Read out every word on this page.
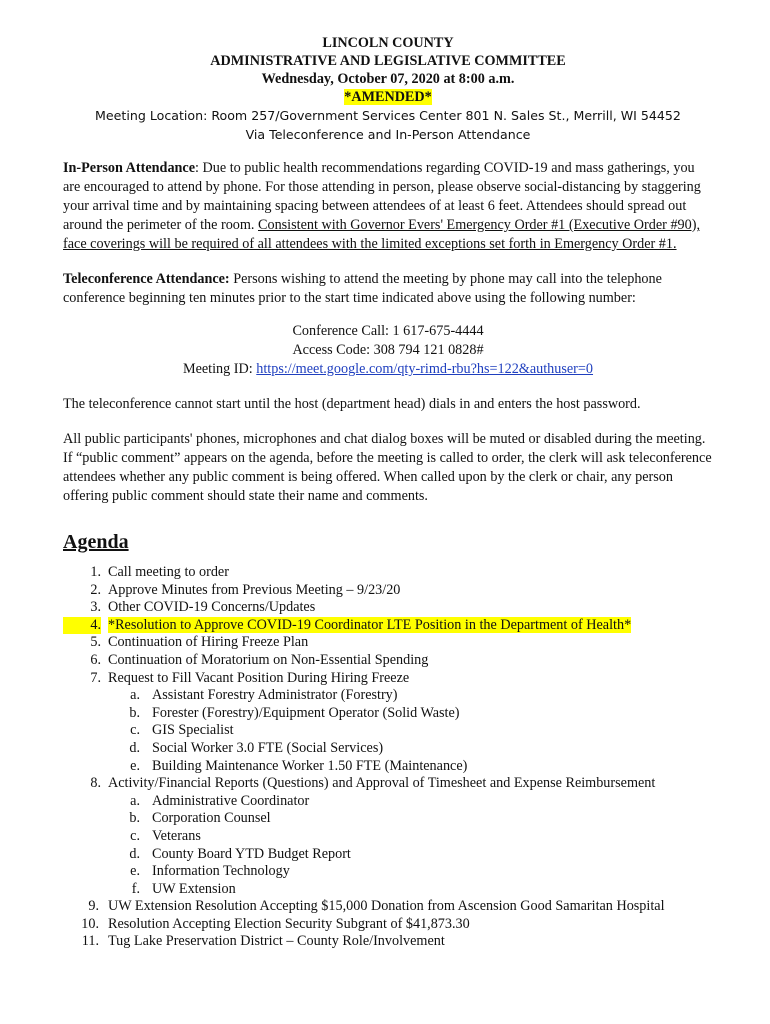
LINCOLN COUNTY
ADMINISTRATIVE AND LEGISLATIVE COMMITTEE
Wednesday, October 07, 2020 at 8:00 a.m.
*AMENDED*
Meeting Location: Room 257/Government Services Center 801 N. Sales St., Merrill, WI 54452
Via Teleconference and In-Person Attendance

In-Person Attendance: Due to public health recommendations regarding COVID-19 and mass gatherings, you are encouraged to attend by phone. For those attending in person, please observe social-distancing by staggering your arrival time and by maintaining spacing between attendees of at least 6 feet. Attendees should spread out around the perimeter of the room. Consistent with Governor Evers' Emergency Order #1 (Executive Order #90), face coverings will be required of all attendees with the limited exceptions set forth in Emergency Order #1.

Teleconference Attendance: Persons wishing to attend the meeting by phone may call into the telephone conference beginning ten minutes prior to the start time indicated above using the following number:

Conference Call: 1 617-675-4444

Access Code: 308 794 121 0828#

Meeting ID: https://meet.google.com/qty-rimd-rbu?hs=122&authuser=0

The teleconference cannot start until the host (department head) dials in and enters the host password.

All public participants' phones, microphones and chat dialog boxes will be muted or disabled during the meeting. If “public comment” appears on the agenda, before the meeting is called to order, the clerk will ask teleconference attendees whether any public comment is being offered. When called upon by the clerk or chair, any person offering public comment should state their name and comments.

Agenda
1. Call meeting to order
2. Approve Minutes from Previous Meeting – 9/23/20
3. Other COVID-19 Concerns/Updates
4. *Resolution to Approve COVID-19 Coordinator LTE Position in the Department of Health*
5. Continuation of Hiring Freeze Plan
6. Continuation of Moratorium on Non-Essential Spending
7. Request to Fill Vacant Position During Hiring Freeze
a. Assistant Forestry Administrator (Forestry)
b. Forester (Forestry)/Equipment Operator (Solid Waste)
c. GIS Specialist
d. Social Worker 3.0 FTE (Social Services)
e. Building Maintenance Worker 1.50 FTE (Maintenance)
8. Activity/Financial Reports (Questions) and Approval of Timesheet and Expense Reimbursement
a. Administrative Coordinator
b. Corporation Counsel
c. Veterans
d. County Board YTD Budget Report
e. Information Technology
f. UW Extension
9. UW Extension Resolution Accepting $15,000 Donation from Ascension Good Samaritan Hospital
10. Resolution Accepting Election Security Subgrant of $41,873.30
11. Tug Lake Preservation District – County Role/Involvement
